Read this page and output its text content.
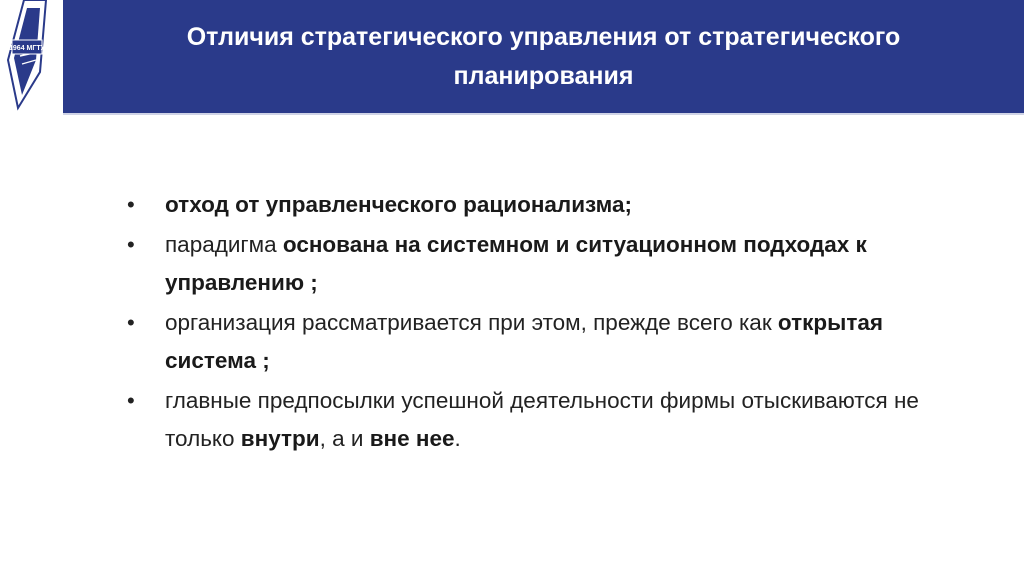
1964 МГТУ	Отличия стратегического управления от стратегического планирования
• отход от управленческого рационализма;
• парадигма основана на системном и ситуационном подходах к управлению ;
• организация рассматривается при этом, прежде всего как открытая система ;
• главные предпосылки успешной деятельности фирмы отыскиваются не только внутри, а и вне нее.
